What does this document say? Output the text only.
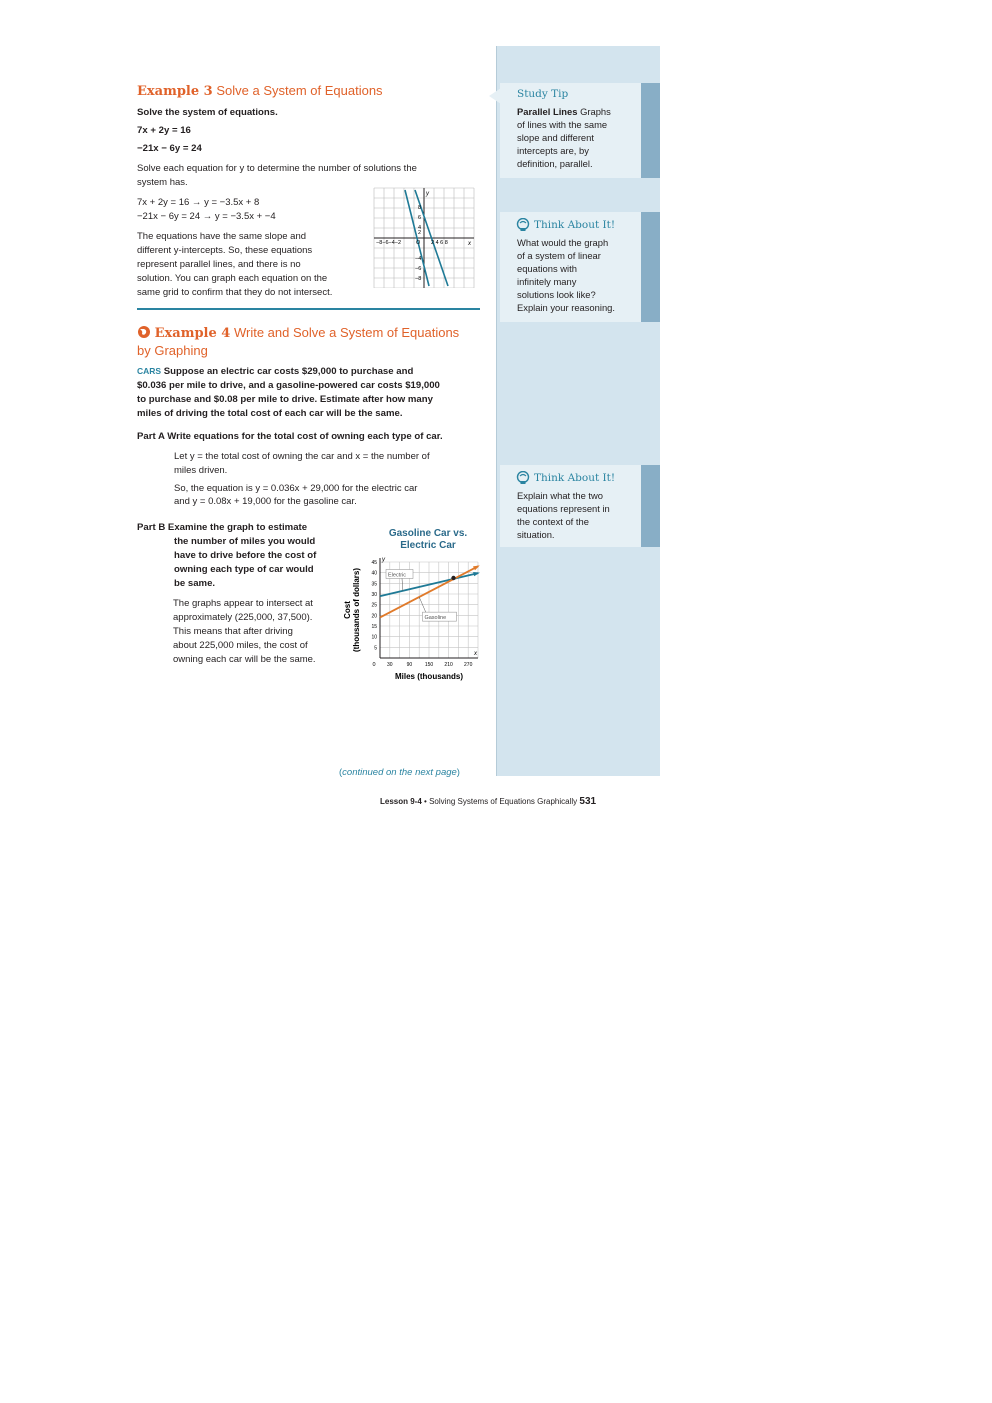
Study Tip
Parallel Lines Graphs
of lines with the same
slope and different
intercepts are, by
definition, parallel.
Think About It!
What would the graph
of a system of linear
equations with
infinitely many
solutions look like?
Explain your reasoning.
Think About It!
Explain what the two
equations represent in
the context of the
situation.
Example 3 Solve a System of Equations
Solve the system of equations.
7x + 2y = 16
−21x − 6y = 24
Solve each equation for y to determine the number of solutions the
system has.
7x + 2y = 16 → y = −3.5x + 8
−21x − 6y = 24 → y = −3.5x + −4
The equations have the same slope and
different y-intercepts. So, these equations
represent parallel lines, and there is no
solution. You can graph each equation on the
same grid to confirm that they do not intersect.
y
x
−8−6−4−2	O 2 4 6 8
8
6
4
2
−4
−6
−8
Example 4 Write and Solve a System of Equations
by Graphing
CARS Suppose an electric car costs $29,000 to purchase and
$0.036 per mile to drive, and a gasoline-powered car costs $19,000
to purchase and $0.08 per mile to drive. Estimate after how many
miles of driving the total cost of each car will be the same.
Part A Write equations for the total cost of owning each type of car.
Let y = the total cost of owning the car and x = the number of
miles driven.
So, the equation is y = 0.036x + 29,000 for the electric car
and y = 0.08x + 19,000 for the gasoline car.
Part B Examine the graph to estimate
the number of miles you would
have to drive before the cost of
owning each type of car would
be same.
The graphs appear to intersect at
approximately (225,000, 37,500).
This means that after driving
about 225,000 miles, the cost of
owning each car will be the same.
Gasoline Car vs.
Electric Car
5
10
15
20
25
30
35
40
45
30	90	150 210 270
0
y
x
Miles (thousands)
Cost (thousands of dollars)	Electric
Gasoline
(continued on the next page)
Lesson 9-4 • Solving Systems of Equations Graphically 531
